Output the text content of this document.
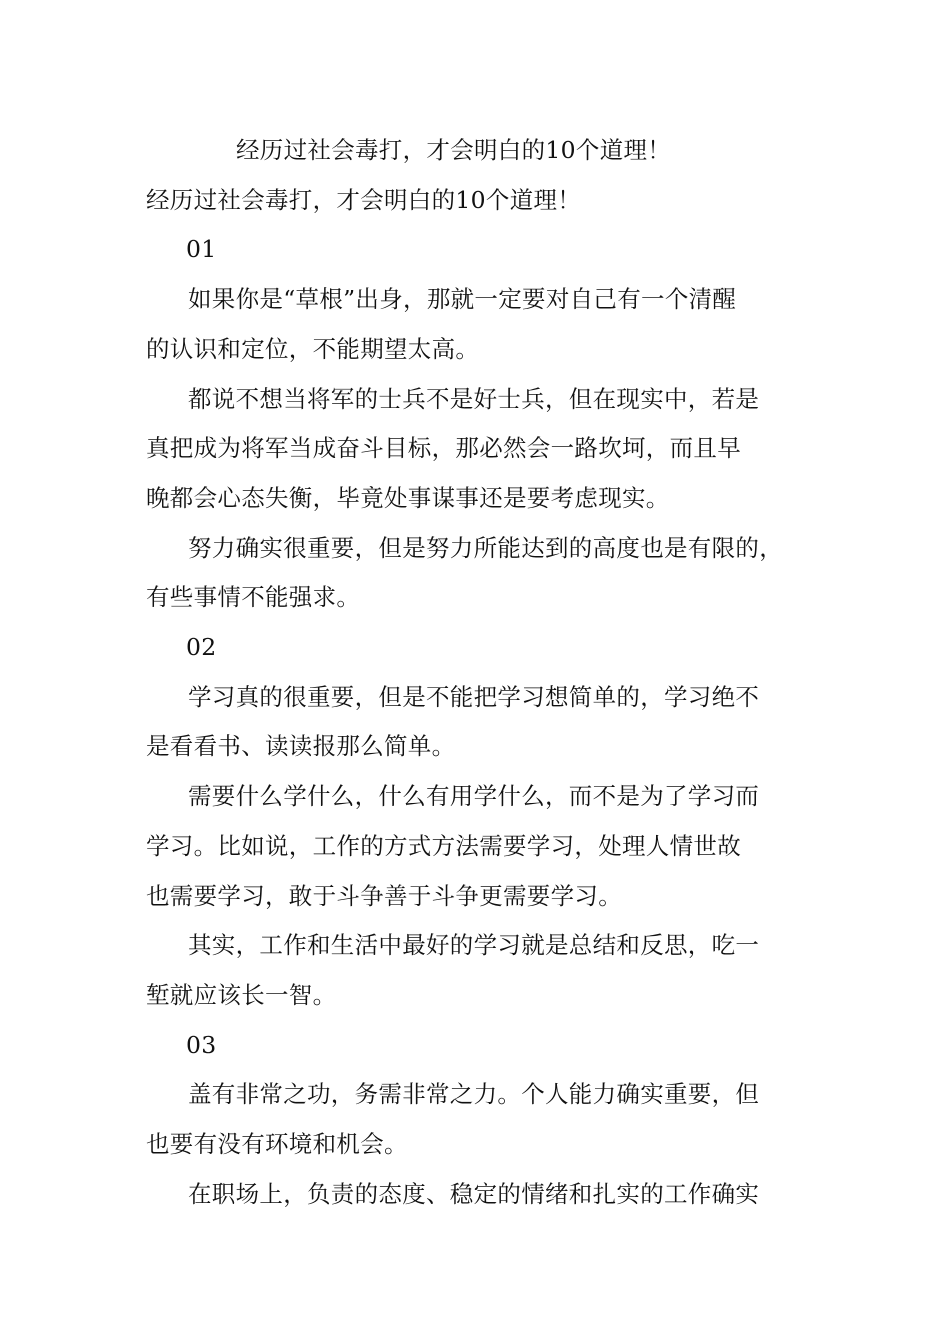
经历过社会毒打，才会明白的10个道理！

经历过社会毒打，才会明白的10个道理！

01

如果你是“草根”出身，那就一定要对自己有一个清醒
的认识和定位，不能期望太高。

都说不想当将军的士兵不是好士兵，但在现实中，若是
真把成为将军当成奋斗目标，那必然会一路坎坷，而且早
晚都会心态失衡，毕竟处事谋事还是要考虑现实。

努力确实很重要，但是努力所能达到的高度也是有限的，
有些事情不能强求。

02

学习真的很重要，但是不能把学习想简单的，学习绝不
是看看书、读读报那么简单。

需要什么学什么，什么有用学什么，而不是为了学习而
学习。比如说，工作的方式方法需要学习，处理人情世故
也需要学习，敢于斗争善于斗争更需要学习。

其实，工作和生活中最好的学习就是总结和反思，吃一
堑就应该长一智。

03

盖有非常之功，务需非常之力。个人能力确实重要，但
也要有没有环境和机会。

在职场上，负责的态度、稳定的情绪和扎实的工作确实
